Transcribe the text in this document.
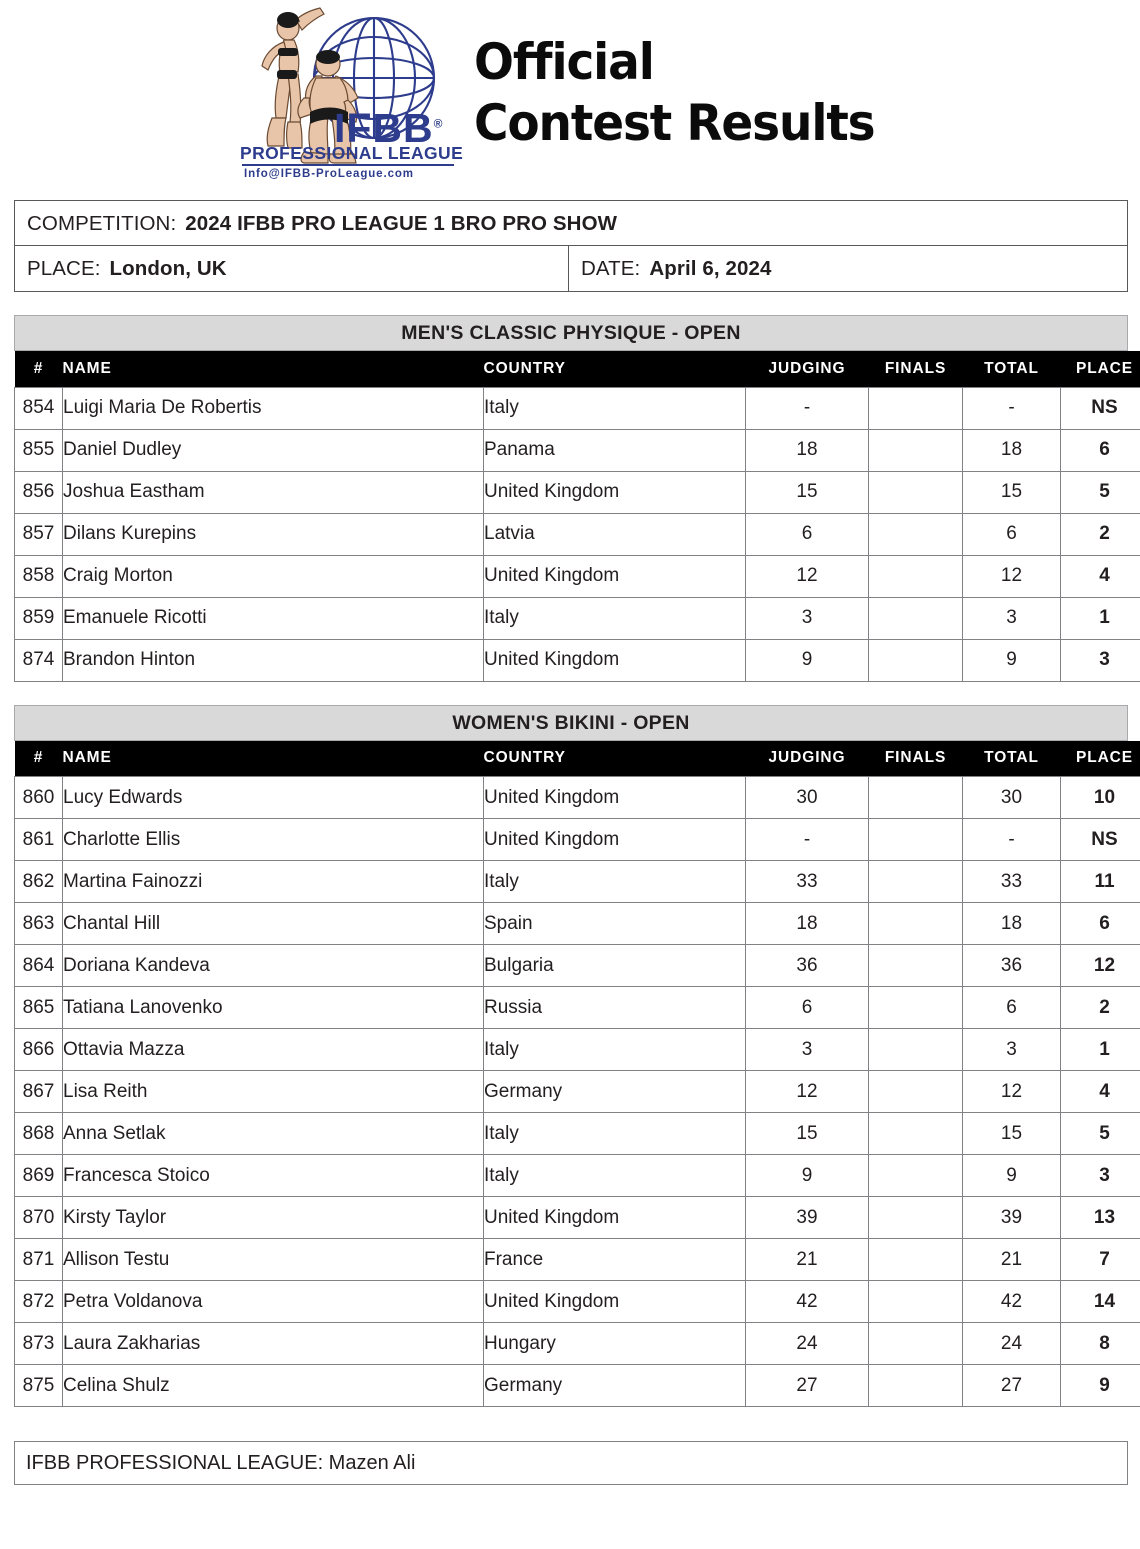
IFBB®
PROFESSIONAL LEAGUE
Info@IFBB-ProLeague.com
Official
Contest Results
COMPETITION: 2024 IFBB PRO LEAGUE 1 BRO PRO SHOW
PLACE: London, UK	DATE: April 6, 2024
MEN'S CLASSIC PHYSIQUE - OPEN
#	NAME	COUNTRY	JUDGING	FINALS	TOTAL	PLACE
854	Luigi Maria De Robertis	Italy	-		-	NS
855	Daniel Dudley	Panama	18		18	6
856	Joshua Eastham	United Kingdom	15		15	5
857	Dilans Kurepins	Latvia	6		6	2
858	Craig Morton	United Kingdom	12		12	4
859	Emanuele Ricotti	Italy	3		3	1
874	Brandon Hinton	United Kingdom	9		9	3
WOMEN'S BIKINI - OPEN
#	NAME	COUNTRY	JUDGING	FINALS	TOTAL	PLACE
860	Lucy Edwards	United Kingdom	30		30	10
861	Charlotte Ellis	United Kingdom	-		-	NS
862	Martina Fainozzi	Italy	33		33	11
863	Chantal Hill	Spain	18		18	6
864	Doriana Kandeva	Bulgaria	36		36	12
865	Tatiana Lanovenko	Russia	6		6	2
866	Ottavia Mazza	Italy	3		3	1
867	Lisa Reith	Germany	12		12	4
868	Anna Setlak	Italy	15		15	5
869	Francesca Stoico	Italy	9		9	3
870	Kirsty Taylor	United Kingdom	39		39	13
871	Allison Testu	France	21		21	7
872	Petra Voldanova	United Kingdom	42		42	14
873	Laura Zakharias	Hungary	24		24	8
875	Celina Shulz	Germany	27		27	9
IFBB PROFESSIONAL LEAGUE: Mazen Ali
